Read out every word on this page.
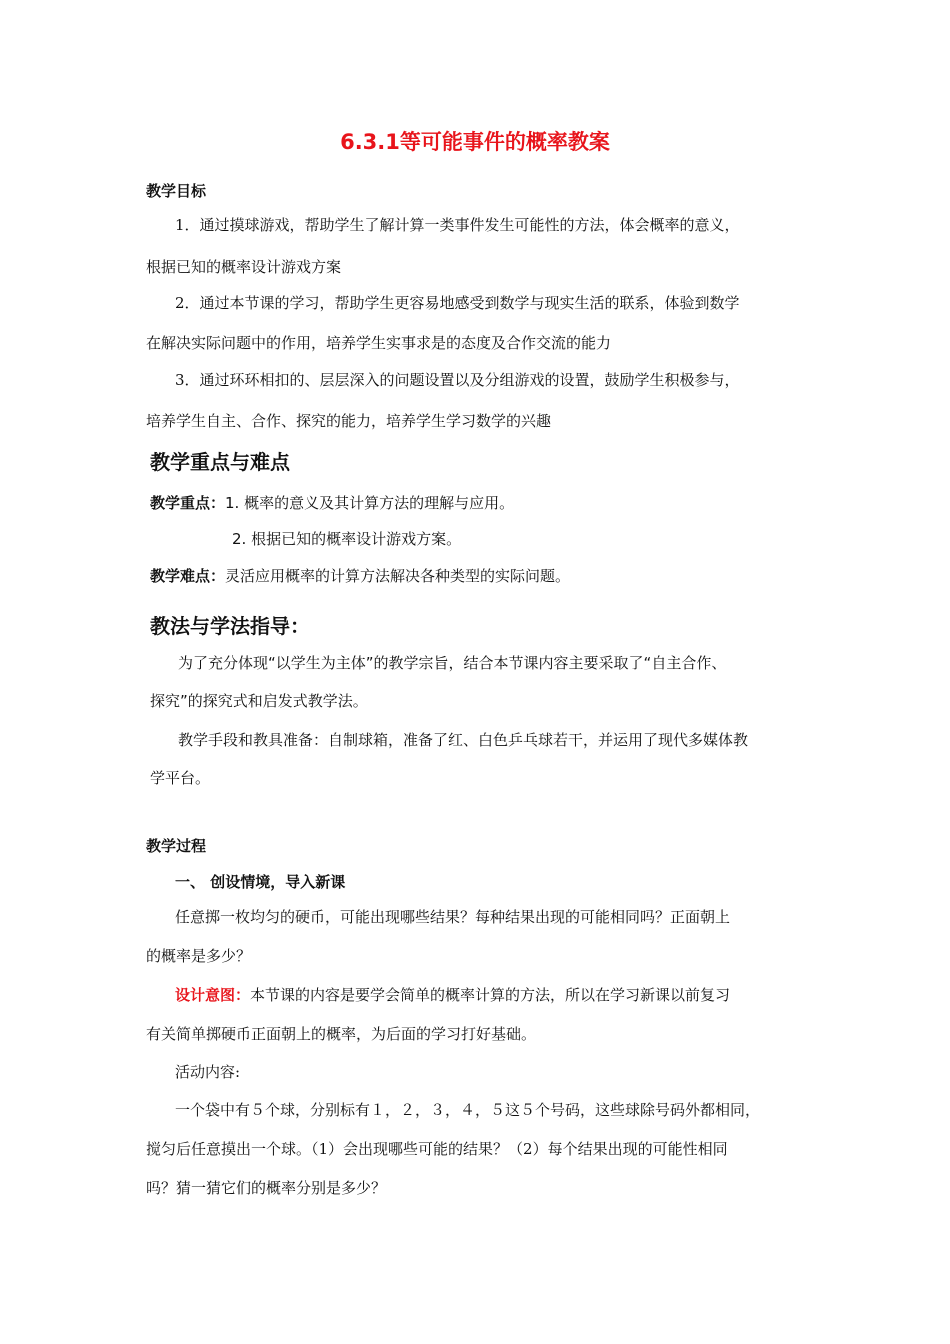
6.3.1等可能事件的概率教案
教学目标
1．通过摸球游戏，帮助学生了解计算一类事件发生可能性的方法，体会概率的意义，
根据已知的概率设计游戏方案
2．通过本节课的学习，帮助学生更容易地感受到数学与现实生活的联系，体验到数学
在解决实际问题中的作用，培养学生实事求是的态度及合作交流的能力
3．通过环环相扣的、层层深入的问题设置以及分组游戏的设置，鼓励学生积极参与，
培养学生自主、合作、探究的能力，培养学生学习数学的兴趣
教学重点与难点
教学重点：1. 概率的意义及其计算方法的理解与应用。
2. 根据已知的概率设计游戏方案。
教学难点：灵活应用概率的计算方法解决各种类型的实际问题。
教法与学法指导：
为了充分体现“以学生为主体”的教学宗旨，结合本节课内容主要采取了“自主合作、
探究”的探究式和启发式教学法。
教学手段和教具准备：自制球箱，准备了红、白色乒乓球若干，并运用了现代多媒体教
学平台。
教学过程
一、 创设情境，导入新课
任意掷一枚均匀的硬币，可能出现哪些结果？每种结果出现的可能相同吗？正面朝上
的概率是多少？
设计意图：本节课的内容是要学会简单的概率计算的方法，所以在学习新课以前复习
有关简单掷硬币正面朝上的概率，为后面的学习打好基础。
活动内容:
一个袋中有５个球，分别标有１，２，３，４，５这５个号码，这些球除号码外都相同，
搅匀后任意摸出一个球。（1）会出现哪些可能的结果？（2）每个结果出现的可能性相同
吗？猜一猜它们的概率分别是多少？
